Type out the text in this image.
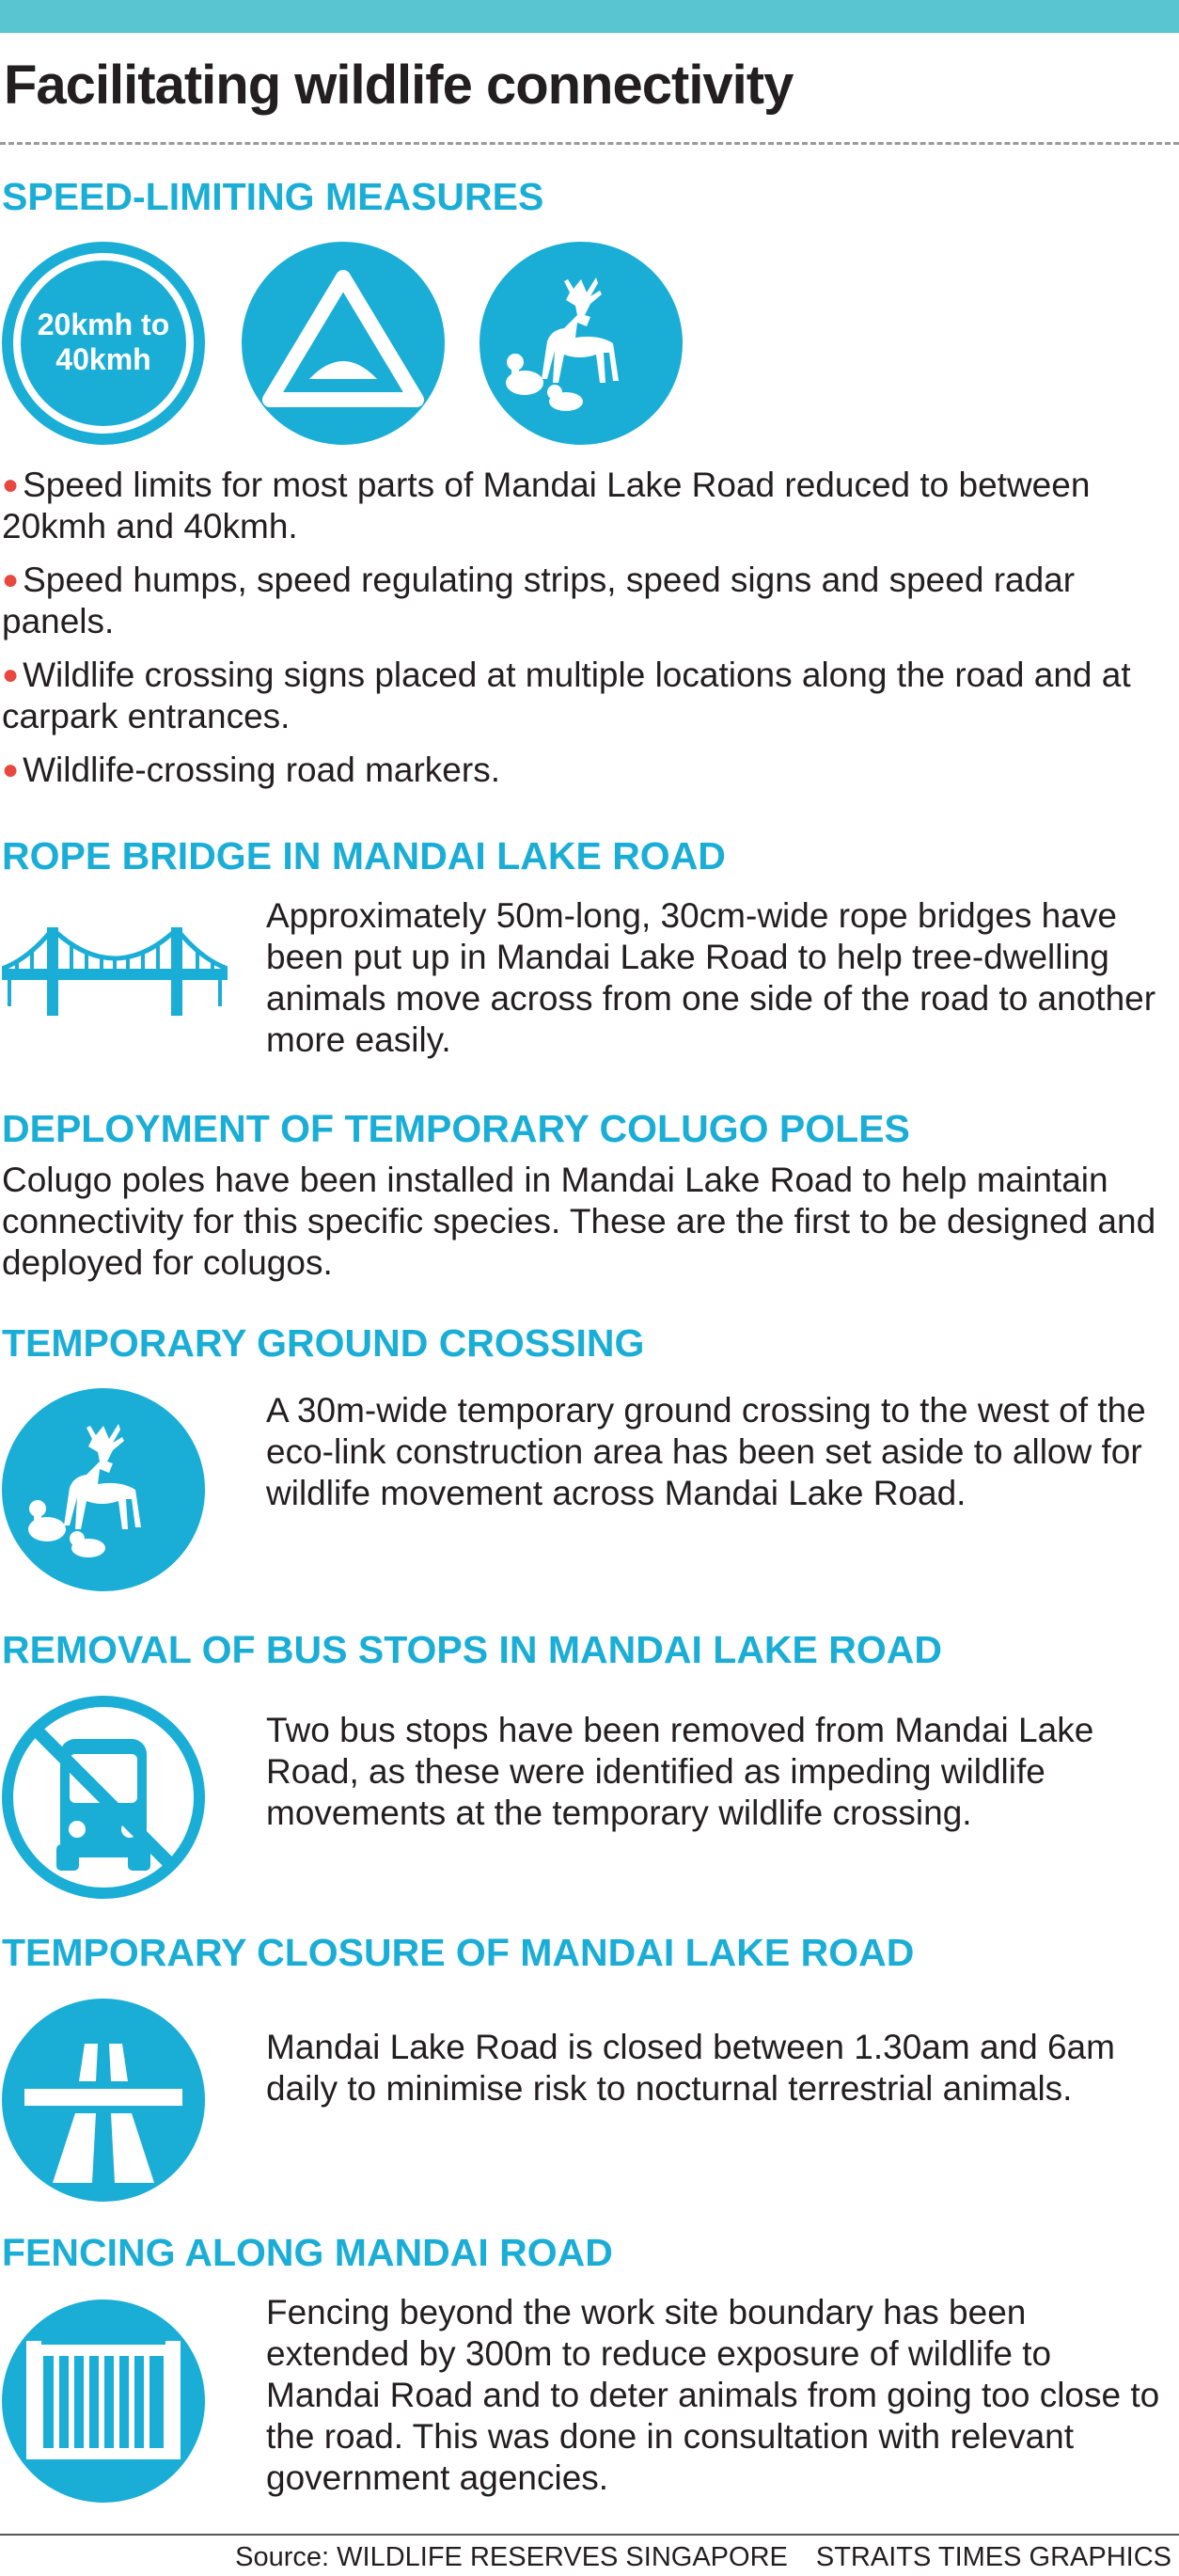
Facilitating wildlife connectivity
SPEED-LIMITING MEASURES
20kmh to
40kmh
● Speed limits for most parts of Mandai Lake Road reduced to between 20kmh and 40kmh.
● Speed humps, speed regulating strips, speed signs and speed radar panels.
● Wildlife crossing signs placed at multiple locations along the road and at carpark entrances.
● Wildlife-crossing road markers.
ROPE BRIDGE IN MANDAI LAKE ROAD

Approximately 50m-long, 30cm-wide rope bridges have been put up in Mandai Lake Road to help tree-dwelling animals move across from one side of the road to another more easily.

DEPLOYMENT OF TEMPORARY COLUGO POLES

Colugo poles have been installed in Mandai Lake Road to help maintain connectivity for this specific species. These are the first to be designed and deployed for colugos.

TEMPORARY GROUND CROSSING

A 30m-wide temporary ground crossing to the west of the eco-link construction area has been set aside to allow for wildlife movement across Mandai Lake Road.

REMOVAL OF BUS STOPS IN MANDAI LAKE ROAD

Two bus stops have been removed from Mandai Lake Road, as these were identified as impeding wildlife movements at the temporary wildlife crossing.

TEMPORARY CLOSURE OF MANDAI LAKE ROAD

Mandai Lake Road is closed between 1.30am and 6am daily to minimise risk to nocturnal terrestrial animals.

FENCING ALONG MANDAI ROAD

Fencing beyond the work site boundary has been extended by 300m to reduce exposure of wildlife to Mandai Road and to deter animals from going too close to the road. This was done in consultation with relevant government agencies.

Source: WILDLIFE RESERVES SINGAPORE STRAITS TIMES GRAPHICS
